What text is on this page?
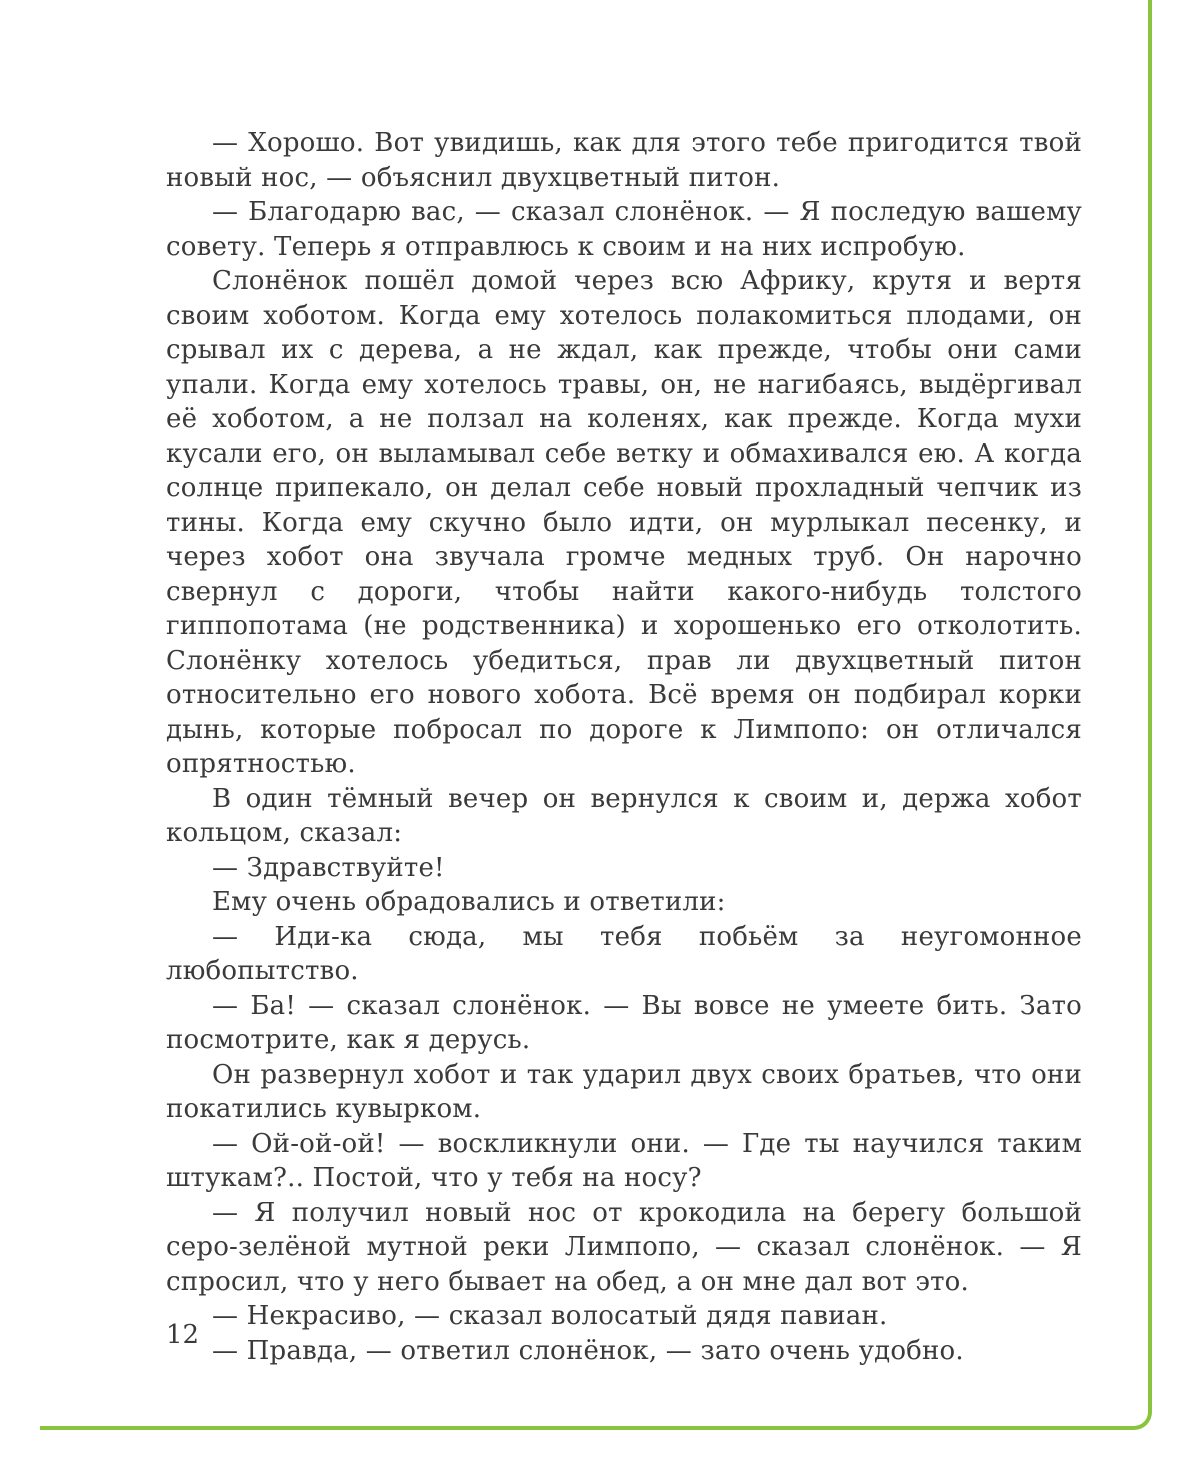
— Хорошо. Вот увидишь, как для этого тебе пригодится твой новый нос, — объяснил двухцветный питон.

— Благодарю вас, — сказал слонёнок. — Я последую вашему совету. Теперь я отправлюсь к своим и на них испробую.

Слонёнок пошёл домой через всю Африку, крутя и вертя своим хоботом. Когда ему хотелось полакомиться плодами, он срывал их с дерева, а не ждал, как прежде, чтобы они сами упали. Когда ему хотелось травы, он, не нагибаясь, выдёргивал её хоботом, а не ползал на коленях, как прежде. Когда мухи кусали его, он выламывал себе ветку и обмахивался ею. А когда солнце припекало, он делал себе новый прохладный чепчик из тины. Когда ему скучно было идти, он мурлыкал песенку, и через хобот она звучала громче медных труб. Он нарочно свернул с дороги, чтобы найти какого-нибудь толстого гиппопотама (не родственника) и хорошенько его отколотить. Слонёнку хотелось убедиться, прав ли двухцветный питон относительно его нового хобота. Всё время он подбирал корки дынь, которые побросал по дороге к Лимпопо: он отличался опрятностью.

В один тёмный вечер он вернулся к своим и, держа хобот кольцом, сказал:

— Здравствуйте!

Ему очень обрадовались и ответили:

— Иди-ка сюда, мы тебя побьём за неугомонное любопытство.

— Ба! — сказал слонёнок. — Вы вовсе не умеете бить. Зато посмотрите, как я дерусь.

Он развернул хобот и так ударил двух своих братьев, что они покатились кувырком.

— Ой-ой-ой! — воскликнули они. — Где ты научился таким штукам?.. Постой, что у тебя на носу?

— Я получил новый нос от крокодила на берегу большой серо-зелёной мутной реки Лимпопо, — сказал слонёнок. — Я спросил, что у него бывает на обед, а он мне дал вот это.

— Некрасиво, — сказал волосатый дядя павиан.

— Правда, — ответил слонёнок, — зато очень удобно.

12
